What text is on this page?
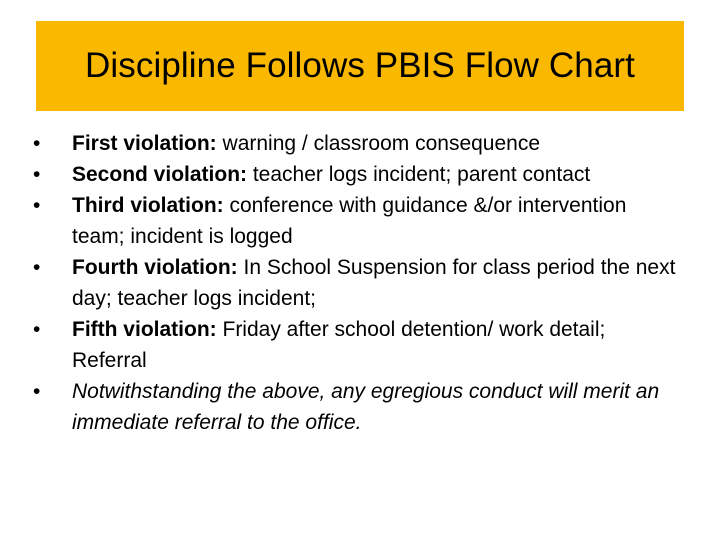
Discipline Follows PBIS Flow Chart
•	First violation: warning / classroom consequence
•	Second violation: teacher logs incident; parent contact
•	Third violation: conference with guidance &/or intervention team; incident is logged
•	Fourth violation: In School Suspension for class period the next day; teacher logs incident;
•	Fifth violation: Friday after school detention/ work detail; Referral
•	Notwithstanding the above, any egregious conduct will merit an immediate referral to the office.
